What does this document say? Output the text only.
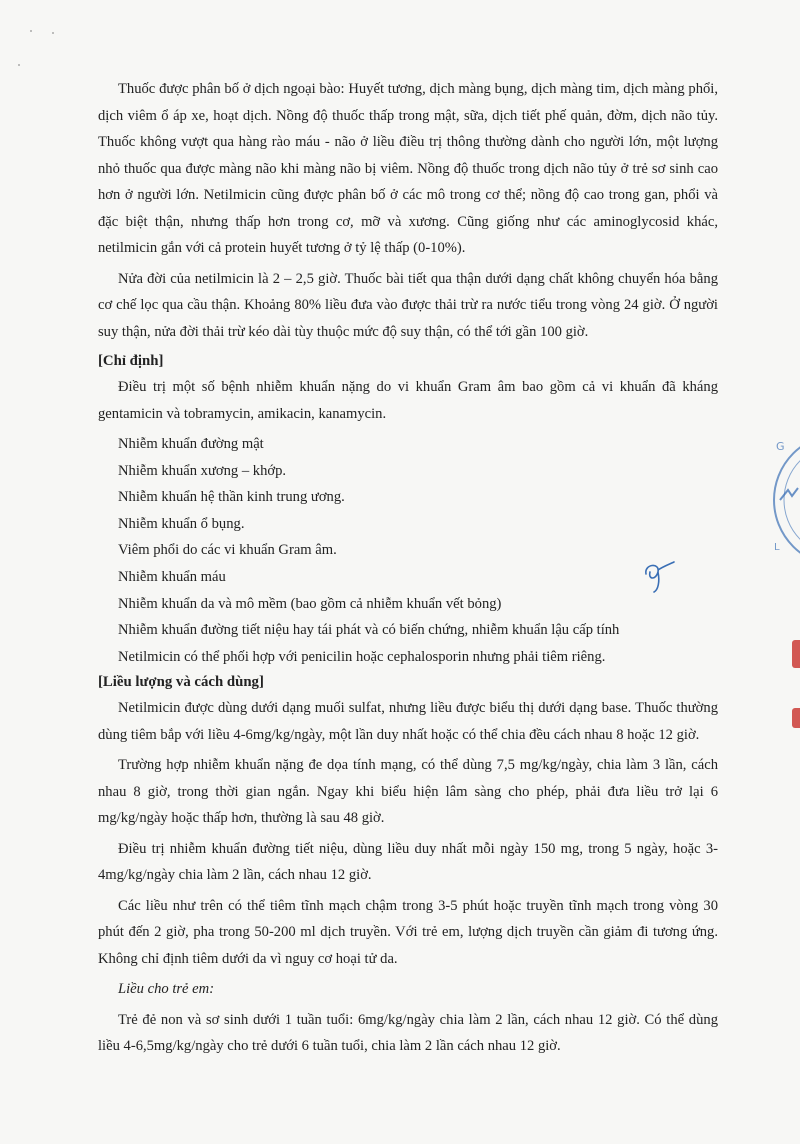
Thuốc được phân bố ở dịch ngoại bào: Huyết tương, dịch màng bụng, dịch màng tim, dịch màng phổi, dịch viêm ổ áp xe, hoạt dịch. Nồng độ thuốc thấp trong mật, sữa, dịch tiết phế quản, đờm, dịch não tủy. Thuốc không vượt qua hàng rào máu - não ở liều điều trị thông thường dành cho người lớn, một lượng nhỏ thuốc qua được màng não khi màng não bị viêm. Nồng độ thuốc trong dịch não tủy ở trẻ sơ sinh cao hơn ở người lớn. Netilmicin cũng được phân bố ở các mô trong cơ thể; nồng độ cao trong gan, phổi và đặc biệt thận, nhưng thấp hơn trong cơ, mỡ và xương. Cũng giống như các aminoglycosid khác, netilmicin gắn với cả protein huyết tương ở tỷ lệ thấp (0-10%).

Nửa đời của netilmicin là 2 – 2,5 giờ. Thuốc bài tiết qua thận dưới dạng chất không chuyển hóa bằng cơ chế lọc qua cầu thận. Khoảng 80% liều đưa vào được thải trừ ra nước tiểu trong vòng 24 giờ. Ở người suy thận, nửa đời thải trừ kéo dài tùy thuộc mức độ suy thận, có thể tới gần 100 giờ.

[Chỉ định]

Điều trị một số bệnh nhiễm khuẩn nặng do vi khuẩn Gram âm bao gồm cả vi khuẩn đã kháng gentamicin và tobramycin, amikacin, kanamycin.

Nhiễm khuẩn đường mật

Nhiễm khuẩn xương – khớp.

Nhiễm khuẩn hệ thần kinh trung ương.

Nhiễm khuẩn ổ bụng.

Viêm phổi do các vi khuẩn Gram âm.

Nhiễm khuẩn máu

Nhiễm khuẩn da và mô mềm (bao gồm cả nhiễm khuẩn vết bỏng)

Nhiễm khuẩn đường tiết niệu hay tái phát và có biến chứng, nhiễm khuẩn lậu cấp tính

Netilmicin có thể phối hợp với penicilin hoặc cephalosporin nhưng phải tiêm riêng.

[Liều lượng và cách dùng]

Netilmicin được dùng dưới dạng muối sulfat, nhưng liều được biểu thị dưới dạng base. Thuốc thường dùng tiêm bắp với liều 4-6mg/kg/ngày, một lần duy nhất hoặc có thể chia đều cách nhau 8 hoặc 12 giờ.

Trường hợp nhiễm khuẩn nặng đe dọa tính mạng, có thể dùng 7,5 mg/kg/ngày, chia làm 3 lần, cách nhau 8 giờ, trong thời gian ngắn. Ngay khi biểu hiện lâm sàng cho phép, phải đưa liều trở lại 6 mg/kg/ngày hoặc thấp hơn, thường là sau 48 giờ.

Điều trị nhiễm khuẩn đường tiết niệu, dùng liều duy nhất mỗi ngày 150 mg, trong 5 ngày, hoặc 3-4mg/kg/ngày chia làm 2 lần, cách nhau 12 giờ.

Các liều như trên có thể tiêm tĩnh mạch chậm trong 3-5 phút hoặc truyền tĩnh mạch trong vòng 30 phút đến 2 giờ, pha trong 50-200 ml dịch truyền. Với trẻ em, lượng dịch truyền cần giảm đi tương ứng. Không chỉ định tiêm dưới da vì nguy cơ hoại tử da.

Liều cho trẻ em:

Trẻ đẻ non và sơ sinh dưới 1 tuần tuổi: 6mg/kg/ngày chia làm 2 lần, cách nhau 12 giờ. Có thể dùng liều 4-6,5mg/kg/ngày cho trẻ dưới 6 tuần tuổi, chia làm 2 lần cách nhau 12 giờ.

G
L
